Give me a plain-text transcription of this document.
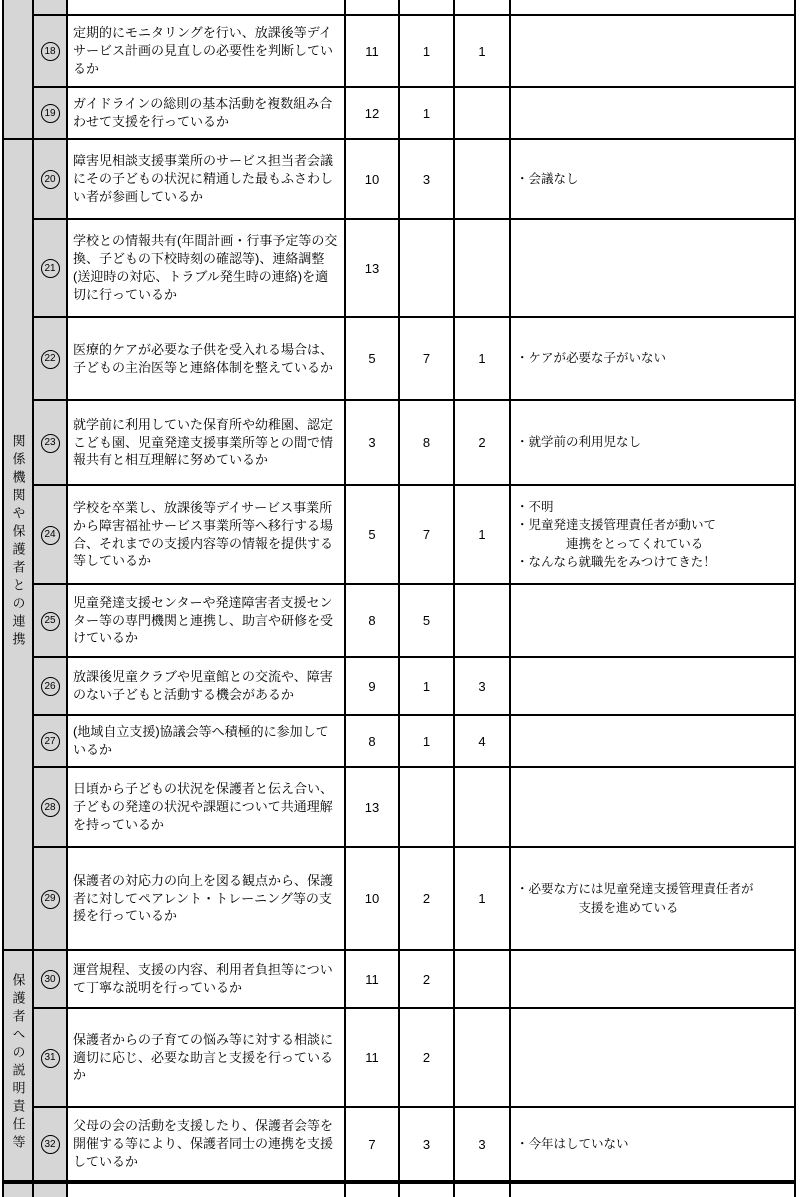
	18	定期的にモニタリングを行い、放課後等デイサービス計画の見直しの必要性を判断しているか	11	1	1	
	19	ガイドラインの総則の基本活動を複数組み合わせて支援を行っているか	12	1		
関係機関や保護者との連携	20	障害児相談支援事業所のサービス担当者会議にその子どもの状況に精通した最もふさわしい者が参画しているか	10	3		・会議なし
	21	学校との情報共有(年間計画・行事予定等の交換、子どもの下校時刻の確認等)、連絡調整(送迎時の対応、トラブル発生時の連絡)を適切に行っているか	13			
	22	医療的ケアが必要な子供を受入れる場合は、子どもの主治医等と連絡体制を整えているか	5	7	1	・ケアが必要な子がいない
	23	就学前に利用していた保育所や幼稚園、認定こども園、児童発達支援事業所等との間で情報共有と相互理解に努めているか	3	8	2	・就学前の利用児なし
	24	学校を卒業し、放課後等デイサービス事業所から障害福祉サービス事業所等へ移行する場合、それまでの支援内容等の情報を提供する等しているか	5	7	1	・不明
・児童発達支援管理責任者が動いて
　　　　連携をとってくれている
・なんなら就職先をみつけてきた！
	25	児童発達支援センターや発達障害者支援センター等の専門機関と連携し、助言や研修を受けているか	8	5		
	26	放課後児童クラブや児童館との交流や、障害のない子どもと活動する機会があるか	9	1	3	
	27	(地域自立支援)協議会等へ積極的に参加しているか	8	1	4	
	28	日頃から子どもの状況を保護者と伝え合い、子どもの発達の状況や課題について共通理解を持っているか	13			
	29	保護者の対応力の向上を図る観点から、保護者に対してペアレント・トレーニング等の支援を行っているか	10	2	1	・必要な方には児童発達支援管理責任者が
　　　　　支援を進めている
保護者への説明責任等	30	運営規程、支援の内容、利用者負担等について丁寧な説明を行っているか	11	2		
	31	保護者からの子育ての悩み等に対する相談に適切に応じ、必要な助言と支援を行っているか	11	2		
	32	父母の会の活動を支援したり、保護者会等を開催する等により、保護者同士の連携を支援しているか	7	3	3	・今年はしていない
